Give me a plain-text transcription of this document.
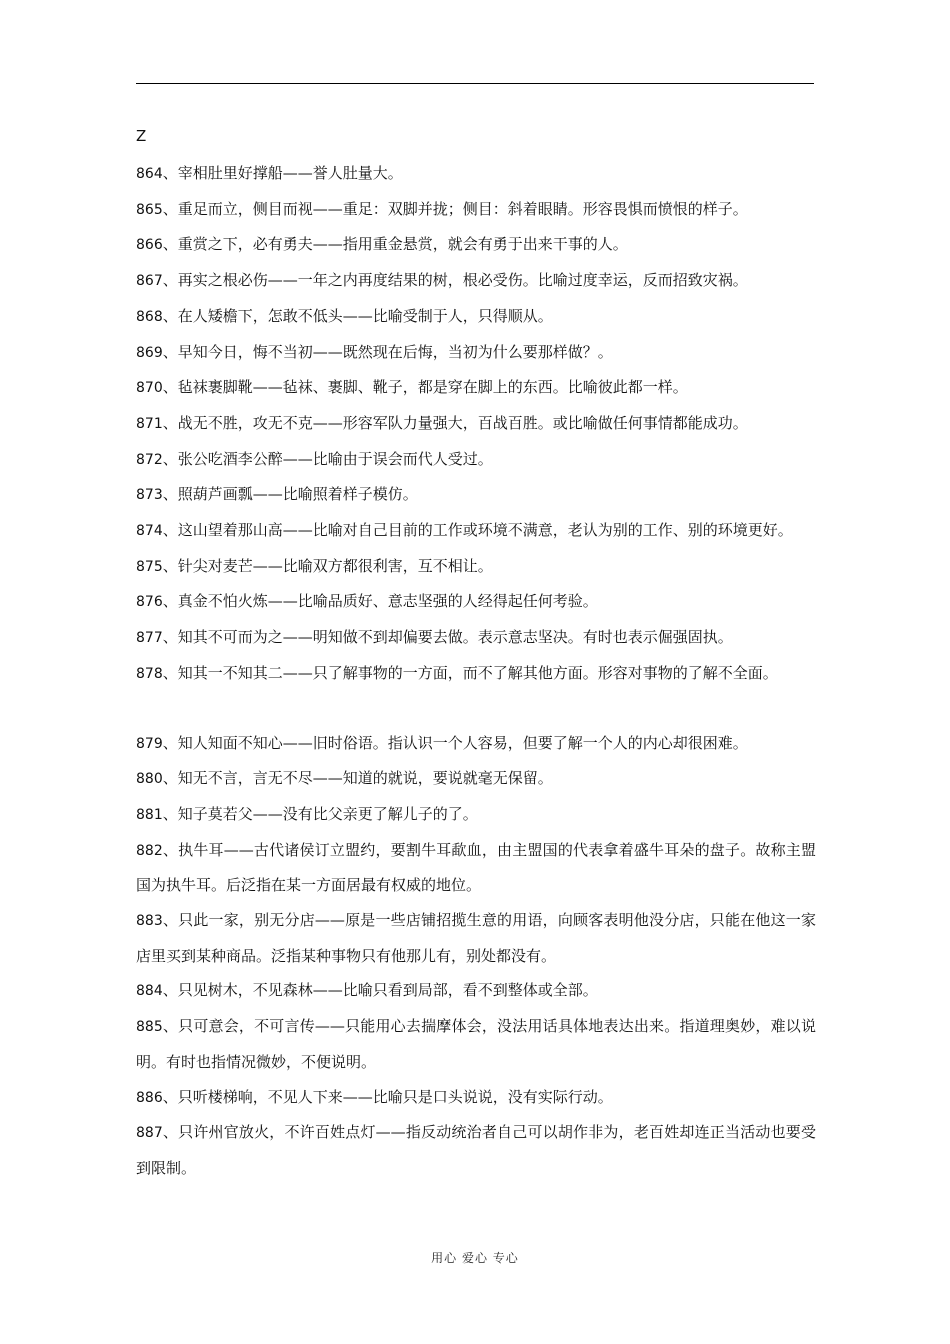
Z
864、宰相肚里好撑船——誉人肚量大。
865、重足而立，侧目而视——重足：双脚并拢；侧目：斜着眼睛。形容畏惧而愤恨的样子。
866、重赏之下，必有勇夫——指用重金悬赏，就会有勇于出来干事的人。
867、再实之根必伤——一年之内再度结果的树，根必受伤。比喻过度幸运，反而招致灾祸。
868、在人矮檐下，怎敢不低头——比喻受制于人，只得顺从。
869、早知今日，悔不当初——既然现在后悔，当初为什么要那样做？。
870、毡袜裹脚靴——毡袜、裹脚、靴子，都是穿在脚上的东西。比喻彼此都一样。
871、战无不胜，攻无不克——形容军队力量强大，百战百胜。或比喻做任何事情都能成功。
872、张公吃酒李公醉——比喻由于误会而代人受过。
873、照葫芦画瓢——比喻照着样子模仿。
874、这山望着那山高——比喻对自己目前的工作或环境不满意，老认为别的工作、别的环境更好。
875、针尖对麦芒——比喻双方都很利害，互不相让。
876、真金不怕火炼——比喻品质好、意志坚强的人经得起任何考验。
877、知其不可而为之——明知做不到却偏要去做。表示意志坚决。有时也表示倔强固执。
878、知其一不知其二——只了解事物的一方面，而不了解其他方面。形容对事物的了解不全面。
879、知人知面不知心——旧时俗语。指认识一个人容易，但要了解一个人的内心却很困难。
880、知无不言，言无不尽——知道的就说，要说就毫无保留。
881、知子莫若父——没有比父亲更了解儿子的了。
882、执牛耳——古代诸侯订立盟约，要割牛耳歃血，由主盟国的代表拿着盛牛耳朵的盘子。故称主盟国为执牛耳。后泛指在某一方面居最有权威的地位。
883、只此一家，别无分店——原是一些店铺招揽生意的用语，向顾客表明他没分店，只能在他这一家店里买到某种商品。泛指某种事物只有他那儿有，别处都没有。
884、只见树木，不见森林——比喻只看到局部，看不到整体或全部。
885、只可意会，不可言传——只能用心去揣摩体会，没法用话具体地表达出来。指道理奥妙，难以说明。有时也指情况微妙，不便说明。
886、只听楼梯响，不见人下来——比喻只是口头说说，没有实际行动。
887、只许州官放火，不许百姓点灯——指反动统治者自己可以胡作非为，老百姓却连正当活动也要受到限制。
用心 爱心 专心
